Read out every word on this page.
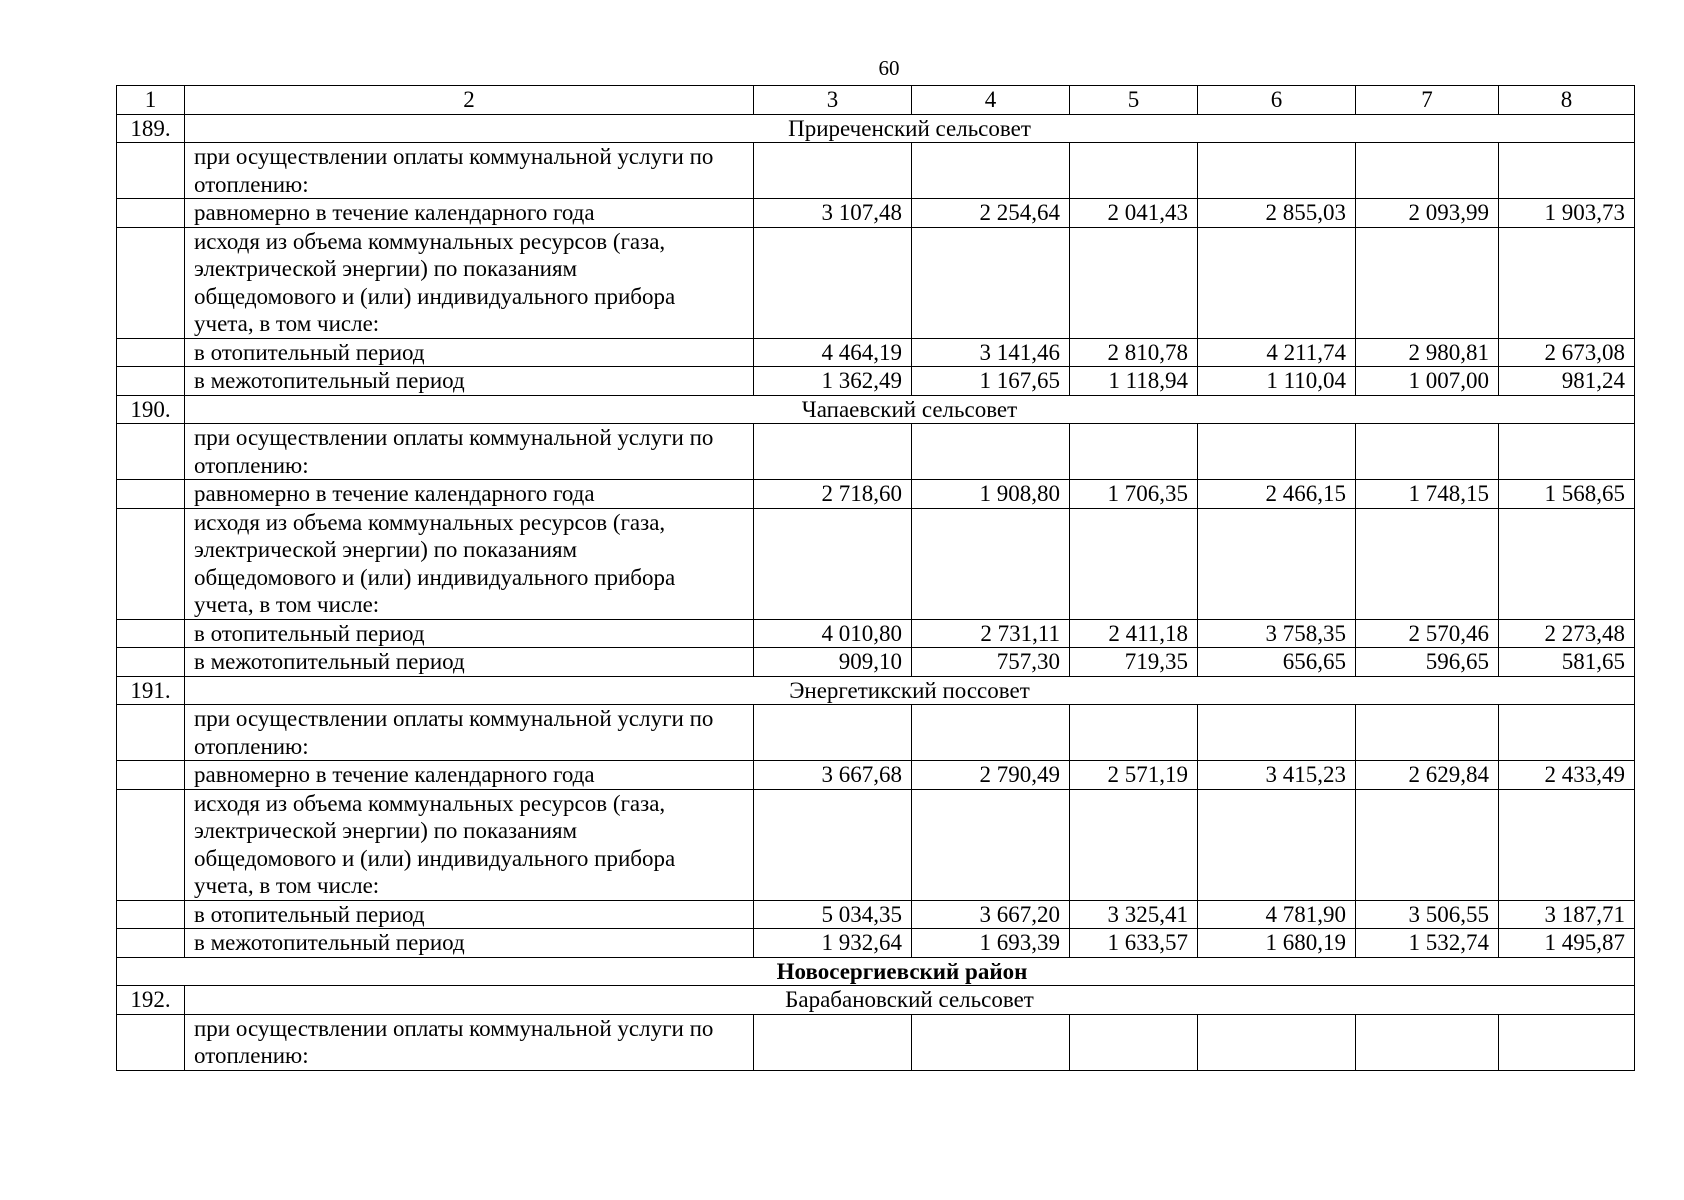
60
1	2	3	4	5	6	7	8
189.	Приреченский сельсовет						
	при осуществлении оплаты коммунальной услуги по
отоплению:						
	равномерно в течение календарного года	3 107,48	2 254,64	2 041,43	2 855,03	2 093,99	1 903,73
	исходя из объема коммунальных ресурсов (газа,
электрической энергии) по показаниям
общедомового и (или) индивидуального прибора
учета, в том числе:						
	в отопительный период	4 464,19	3 141,46	2 810,78	4 211,74	2 980,81	2 673,08
	в межотопительный период	1 362,49	1 167,65	1 118,94	1 110,04	1 007,00	981,24
190.	Чапаевский сельсовет						
	при осуществлении оплаты коммунальной услуги по
отоплению:						
	равномерно в течение календарного года	2 718,60	1 908,80	1 706,35	2 466,15	1 748,15	1 568,65
	исходя из объема коммунальных ресурсов (газа,
электрической энергии) по показаниям
общедомового и (или) индивидуального прибора
учета, в том числе:						
	в отопительный период	4 010,80	2 731,11	2 411,18	3 758,35	2 570,46	2 273,48
	в межотопительный период	909,10	757,30	719,35	656,65	596,65	581,65
191.	Энергетикский поссовет						
	при осуществлении оплаты коммунальной услуги по
отоплению:						
	равномерно в течение календарного года	3 667,68	2 790,49	2 571,19	3 415,23	2 629,84	2 433,49
	исходя из объема коммунальных ресурсов (газа,
электрической энергии) по показаниям
общедомового и (или) индивидуального прибора
учета, в том числе:						
	в отопительный период	5 034,35	3 667,20	3 325,41	4 781,90	3 506,55	3 187,71
	в межотопительный период	1 932,64	1 693,39	1 633,57	1 680,19	1 532,74	1 495,87
Новосергиевский район							
192.	Барабановский сельсовет						
	при осуществлении оплаты коммунальной услуги по
отоплению:						
